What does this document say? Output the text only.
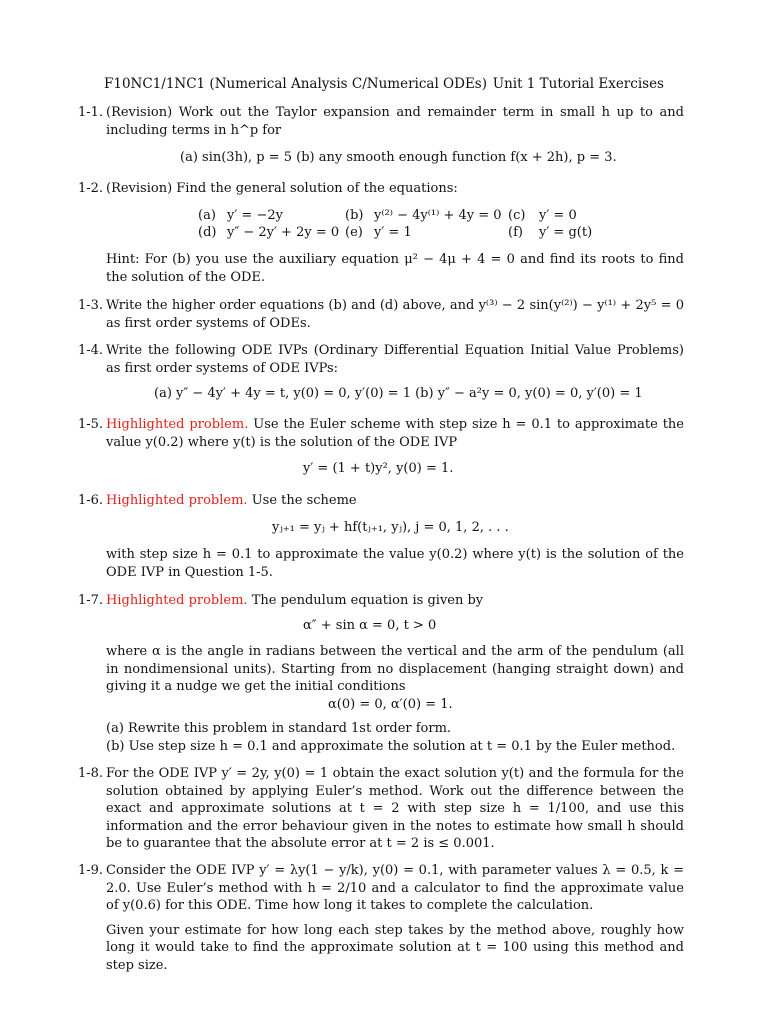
F10NC1/1NC1 (Numerical Analysis C/Numerical ODEs) Unit 1 Tutorial Exercises
1-1. (Revision) Work out the Taylor expansion and remainder term in small h up to and including terms in h^p for

(a) sin(3h), p = 5 (b) any smooth enough function f(x + 2h), p = 3.
1-2. (Revision) Find the general solution of the equations:

(a) y′ = −2y	(b) y⁽²⁾ − 4y⁽¹⁾ + 4y = 0 (c) y′ = 0
(d) y″ − 2y′ + 2y = 0 (e) y′ = 1	(f) y′ = g(t)

Hint: For (b) you use the auxiliary equation μ² − 4μ + 4 = 0 and find its roots to find the solution of the ODE.

1-3. Write the higher order equations (b) and (d) above, and y⁽³⁾ − 2 sin(y⁽²⁾) − y⁽¹⁾ + 2y⁵ = 0 as first order systems of ODEs.

1-4. Write the following ODE IVPs (Ordinary Differential Equation Initial Value Problems) as first order systems of ODE IVPs:

(a) y″ − 4y′ + 4y = t, y(0) = 0, y′(0) = 1 (b) y″ − a²y = 0, y(0) = 0, y′(0) = 1
1-5. Highlighted problem. Use the Euler scheme with step size h = 0.1 to approximate the value y(0.2) where y(t) is the solution of the ODE IVP

y′ = (1 + t)y², y(0) = 1.
1-6. Highlighted problem. Use the scheme

yⱼ₊₁ = yⱼ + hf(tⱼ₊₁, yⱼ), j = 0, 1, 2, . . .

with step size h = 0.1 to approximate the value y(0.2) where y(t) is the solution of the ODE IVP in Question 1-5.

1-7. Highlighted problem. The pendulum equation is given by

α″ + sin α = 0, t > 0

where α is the angle in radians between the vertical and the arm of the pendulum (all in nondimensional units). Starting from no displacement (hanging straight down) and giving it a nudge we get the initial conditions

α(0) = 0, α′(0) = 1.

(a) Rewrite this problem in standard 1st order form.

(b) Use step size h = 0.1 and approximate the solution at t = 0.1 by the Euler method.

1-8. For the ODE IVP y′ = 2y, y(0) = 1 obtain the exact solution y(t) and the formula for the solution obtained by applying Euler’s method. Work out the difference between the exact and approximate solutions at t = 2 with step size h = 1/100, and use this information and the error behaviour given in the notes to estimate how small h should be to guarantee that the absolute error at t = 2 is ≤ 0.001.

1-9. Consider the ODE IVP y′ = λy(1 − y/k), y(0) = 0.1, with parameter values λ = 0.5, k = 2.0. Use Euler’s method with h = 2/10 and a calculator to find the approximate value of y(0.6) for this ODE. Time how long it takes to complete the calculation.

Given your estimate for how long each step takes by the method above, roughly how long it would take to find the approximate solution at t = 100 using this method and step size.
